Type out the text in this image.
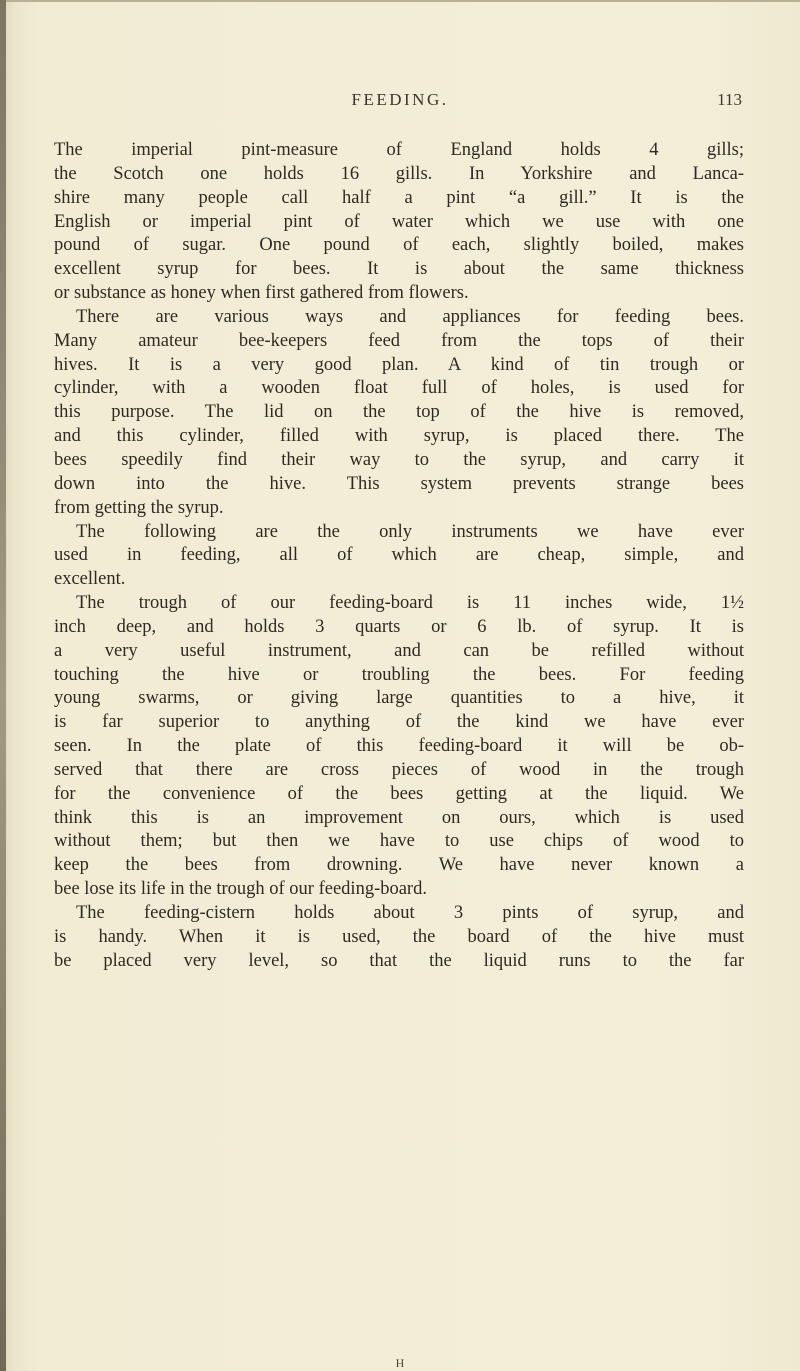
FEEDING.	113
The imperial pint-measure of England holds 4 gills;
the Scotch one holds 16 gills. In Yorkshire and Lanca-
shire many people call half a pint “a gill.” It is the
English or imperial pint of water which we use with one
pound of sugar. One pound of each, slightly boiled, makes
excellent syrup for bees. It is about the same thickness
or substance as honey when first gathered from flowers.
There are various ways and appliances for feeding bees.
Many amateur bee-keepers feed from the tops of their
hives. It is a very good plan. A kind of tin trough or
cylinder, with a wooden float full of holes, is used for
this purpose. The lid on the top of the hive is removed,
and this cylinder, filled with syrup, is placed there. The
bees speedily find their way to the syrup, and carry it
down into the hive. This system prevents strange bees
from getting the syrup.
The following are the only instruments we have ever
used in feeding, all of which are cheap, simple, and
excellent.
The trough of our feeding-board is 11 inches wide, 1½
inch deep, and holds 3 quarts or 6 lb. of syrup. It is
a very useful instrument, and can be refilled without
touching the hive or troubling the bees. For feeding
young swarms, or giving large quantities to a hive, it
is far superior to anything of the kind we have ever
seen. In the plate of this feeding-board it will be ob-
served that there are cross pieces of wood in the trough
for the convenience of the bees getting at the liquid. We
think this is an improvement on ours, which is used
without them; but then we have to use chips of wood to
keep the bees from drowning. We have never known a
bee lose its life in the trough of our feeding-board.
The feeding-cistern holds about 3 pints of syrup, and
is handy. When it is used, the board of the hive must
be placed very level, so that the liquid runs to the far
H
